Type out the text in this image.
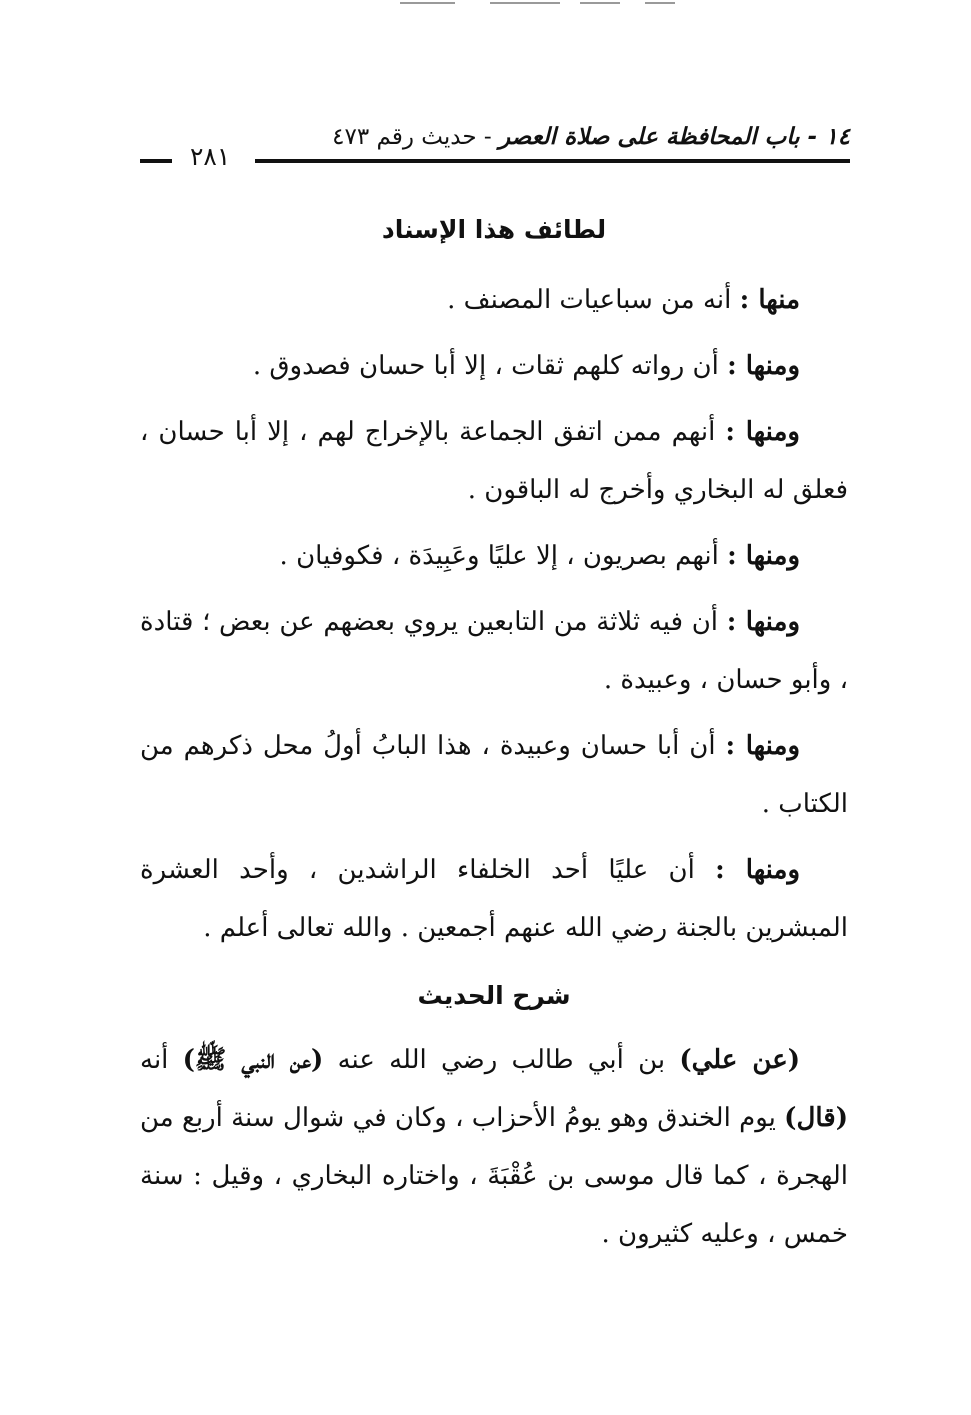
١٤ - باب المحافظة على صلاة العصر - حديث رقم ٤٧٣
٢٨١
لطائف هذا الإسناد
منها : أنه من سباعيات المصنف .
ومنها : أن رواته كلهم ثقات ، إلا أبا حسان فصدوق .
ومنها : أنهم ممن اتفق الجماعة بالإخراج لهم ، إلا أبا حسان ، فعلق له البخاري وأخرج له الباقون .
ومنها : أنهم بصريون ، إلا عليًا وعَبِيدَة ، فكوفيان .
ومنها : أن فيه ثلاثة من التابعين يروي بعضهم عن بعض ؛ قتادة ، وأبو حسان ، وعبيدة .
ومنها : أن أبا حسان وعبيدة ، هذا البابُ أولُ محل ذكرهم من الكتاب .
ومنها : أن عليًا أحد الخلفاء الراشدين ، وأحد العشرة المبشرين بالجنة رضي الله عنهم أجمعين . والله تعالى أعلم .
شرح الحديث
(عن علي) بن أبي طالب رضي الله عنه (عن النبي ﷺ) أنه (قال) يوم الخندق وهو يومُ الأحزاب ، وكان في شوال سنة أربع من الهجرة ، كما قال موسى بن عُقْبَةَ ، واختاره البخاري ، وقيل : سنة خمس ، وعليه كثيرون .
